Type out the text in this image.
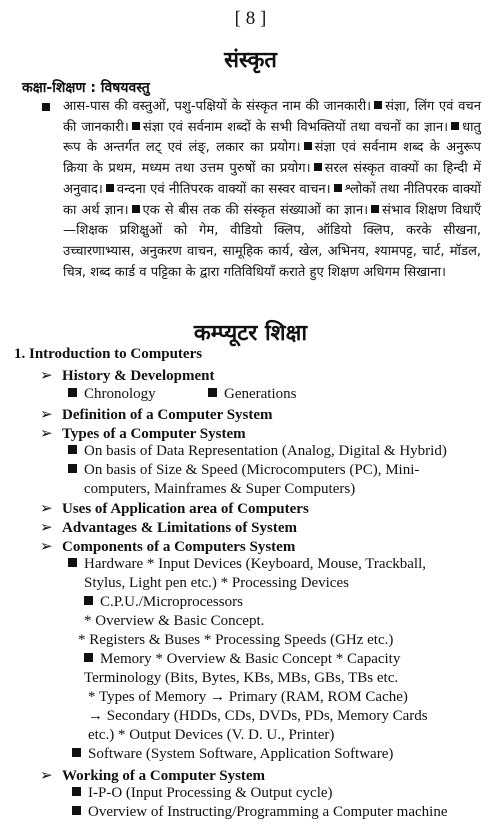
[ 8 ]
संस्कृत
कक्षा-शिक्षण : विषयवस्तु

आस-पास की वस्तुओं, पशु-पक्षियों के संस्कृत नाम की जानकारी। संज्ञा, लिंग एवं वचन की जानकारी। संज्ञा एवं सर्वनाम शब्दों के सभी विभक्तियों तथा वचनों का ज्ञान। धातु रूप के अन्तर्गत लट् एवं लंङ्, लकार का प्रयोग। संज्ञा एवं सर्वनाम शब्द के अनुरूप क्रिया के प्रथम, मध्यम तथा उत्तम पुरुषों का प्रयोग। सरल संस्कृत वाक्यों का हिन्दी में अनुवाद। वन्दना एवं नीतिपरक वाक्यों का सस्वर वाचन। श्लोकों तथा नीतिपरक वाक्यों का अर्थ ज्ञान। एक से बीस तक की संस्कृत संख्याओं का ज्ञान। संभाव शिक्षण विधाएँ—शिक्षक प्रशिक्षुओं को गेम, वीडियो क्लिप, ऑडियो क्लिप, करके सीखना, उच्चारणाभ्यास, अनुकरण वाचन, सामूहिक कार्य, खेल, अभिनय, श्यामपट्ट, चार्ट, मॉडल, चित्र, शब्द कार्ड व पट्टिका के द्वारा गतिविधियाँ कराते हुए शिक्षण अधिगम सिखाना।

कम्प्यूटर शिक्षा
1. Introduction to Computers
➢ History & Development
Chronology	Generations
➢ Definition of a Computer System
➢ Types of a Computer System
On basis of Data Representation (Analog, Digital & Hybrid)
On basis of Size & Speed (Microcomputers (PC), Mini-
computers, Mainframes & Super Computers)
➢ Uses of Application area of Computers
➢ Advantages & Limitations of System
➢ Components of a Computers System
Hardware * Input Devices (Keyboard, Mouse, Trackball,
Stylus, Light pen etc.) * Processing Devices
C.P.U./Microprocessors
* Overview & Basic Concept.
* Registers & Buses * Processing Speeds (GHz etc.)
Memory * Overview & Basic Concept * Capacity
Terminology (Bits, Bytes, KBs, MBs, GBs, TBs etc.
* Types of Memory → Primary (RAM, ROM Cache)
→ Secondary (HDDs, CDs, DVDs, PDs, Memory Cards
etc.) * Output Devices (V. D. U., Printer)
Software (System Software, Application Software)
➢ Working of a Computer System
I-P-O (Input Processing & Output cycle)
Overview of Instructing/Programming a Computer machine
